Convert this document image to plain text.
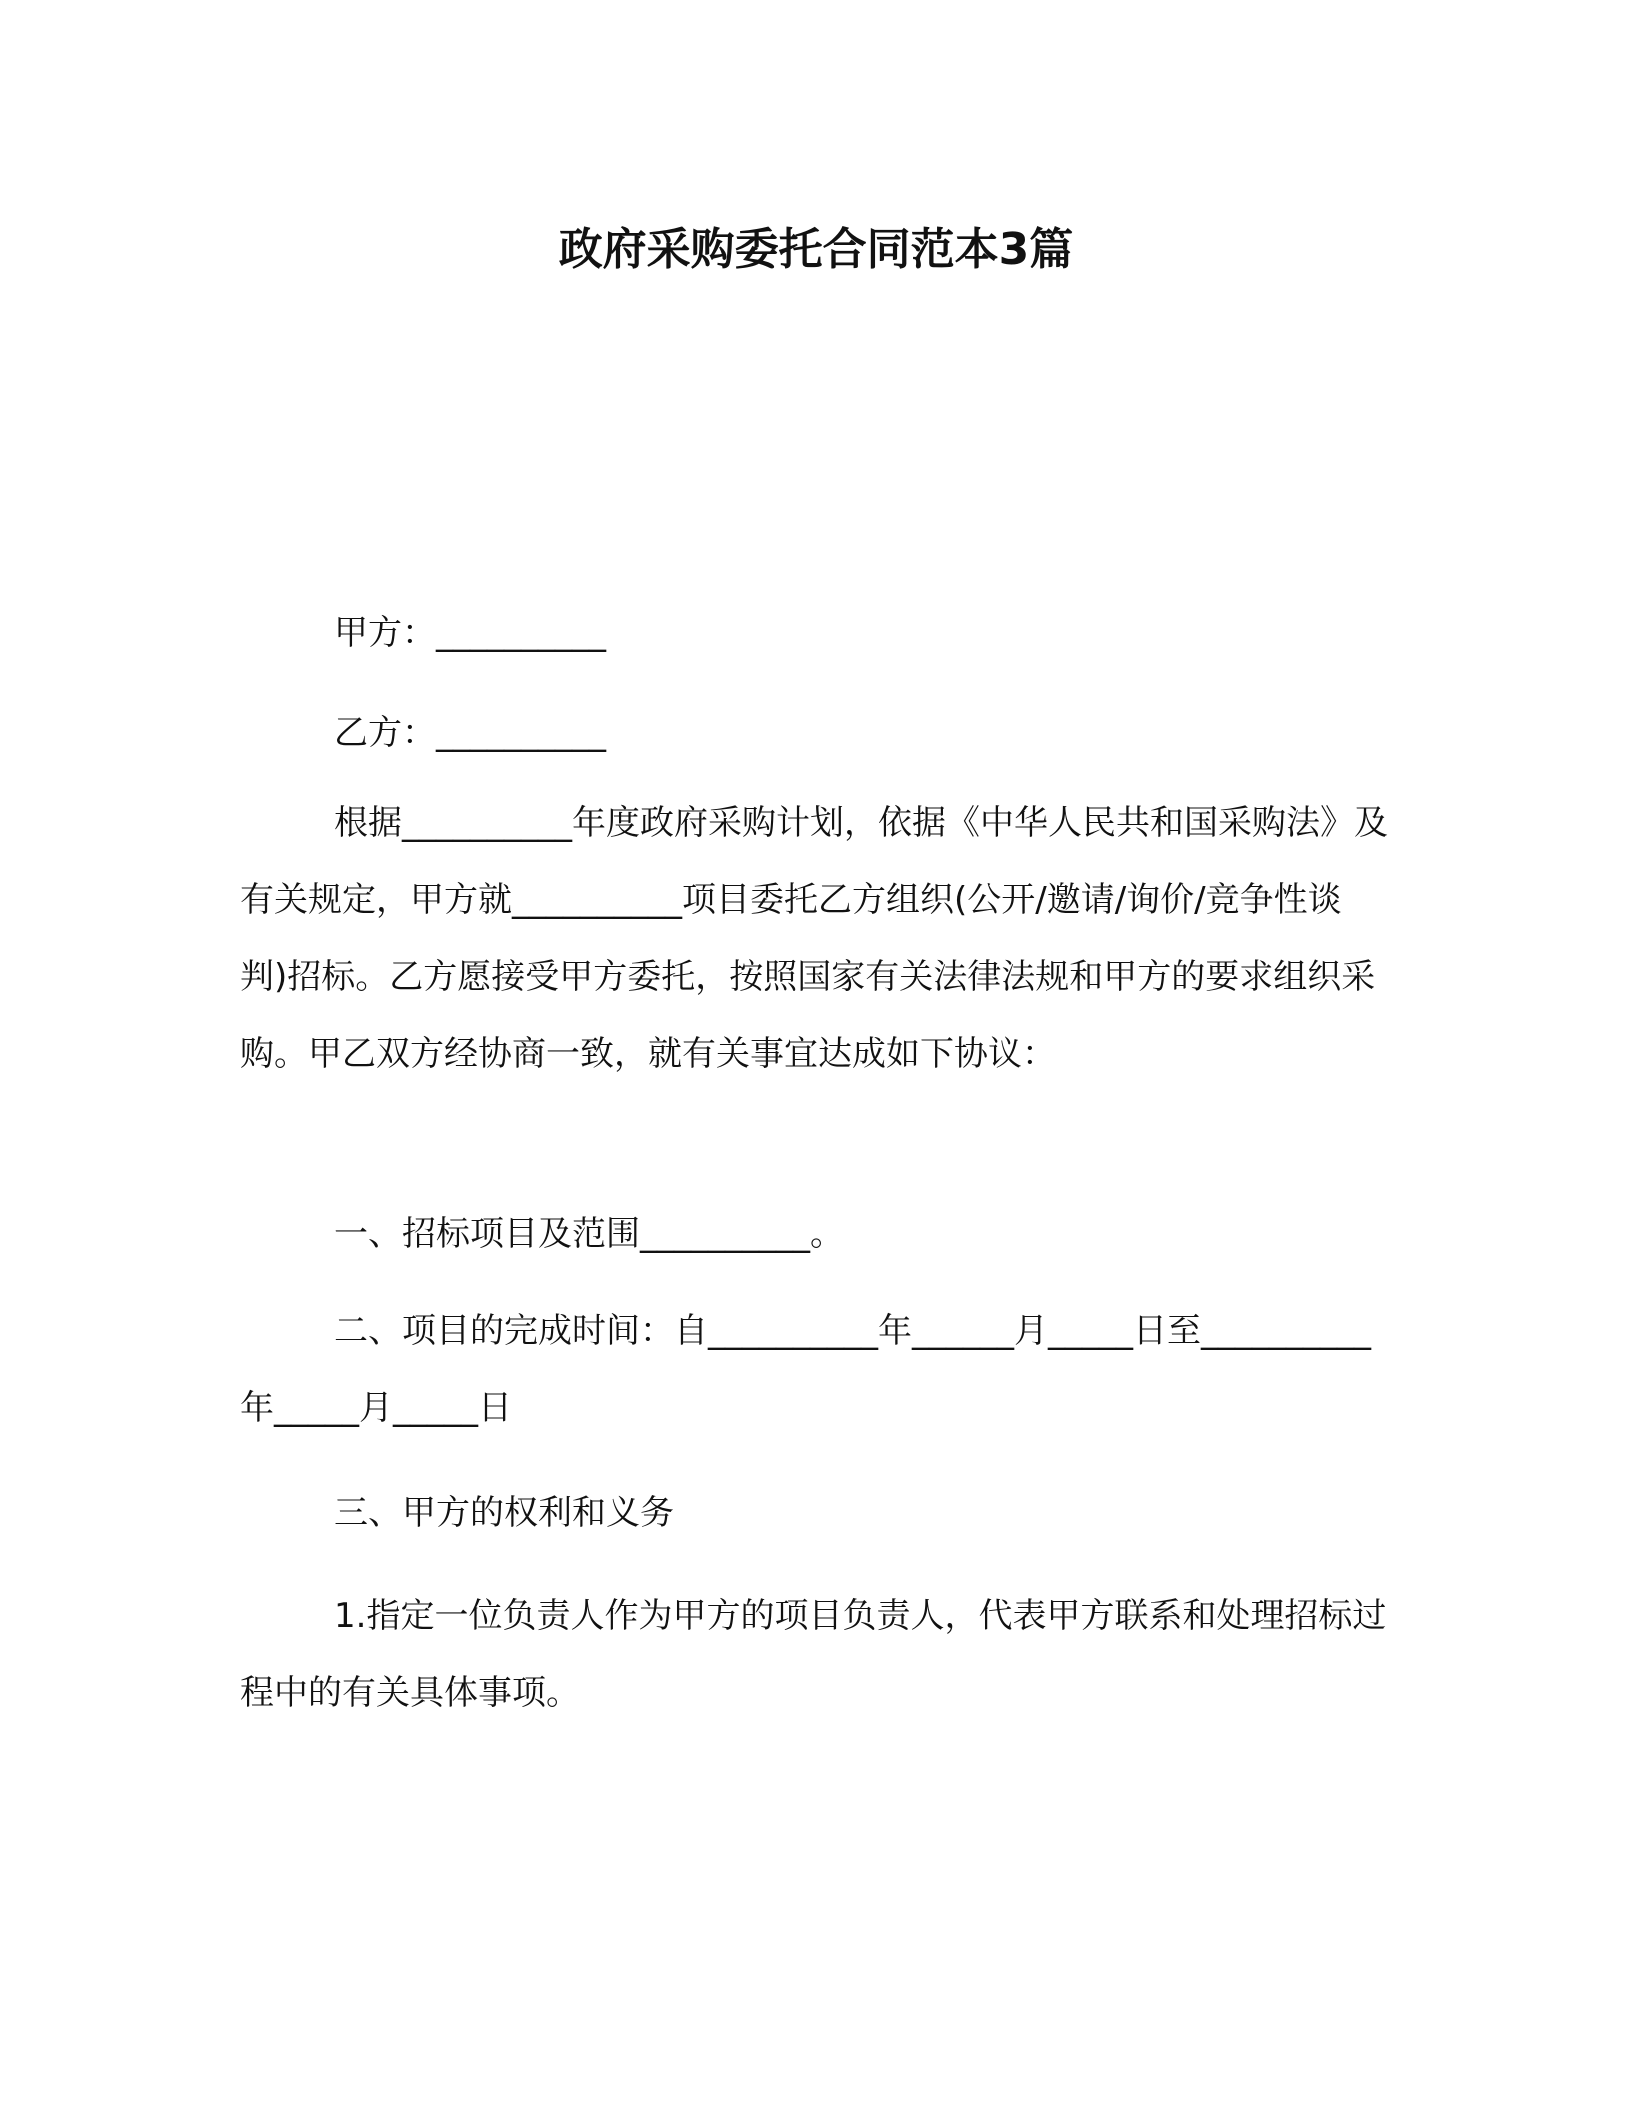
政府采购委托合同范本3篇
甲方：__________
乙方：__________

根据__________年度政府采购计划，依据《中华人民共和国采购法》及有关规定，甲方就__________项目委托乙方组织(公开/邀请/询价/竞争性谈判)招标。乙方愿接受甲方委托，按照国家有关法律法规和甲方的要求组织采购。甲乙双方经协商一致，就有关事宜达成如下协议：

一、招标项目及范围__________。

二、项目的完成时间：自__________年______月_____日至__________年_____月_____日

三、甲方的权利和义务

1.指定一位负责人作为甲方的项目负责人，代表甲方联系和处理招标过程中的有关具体事项。
